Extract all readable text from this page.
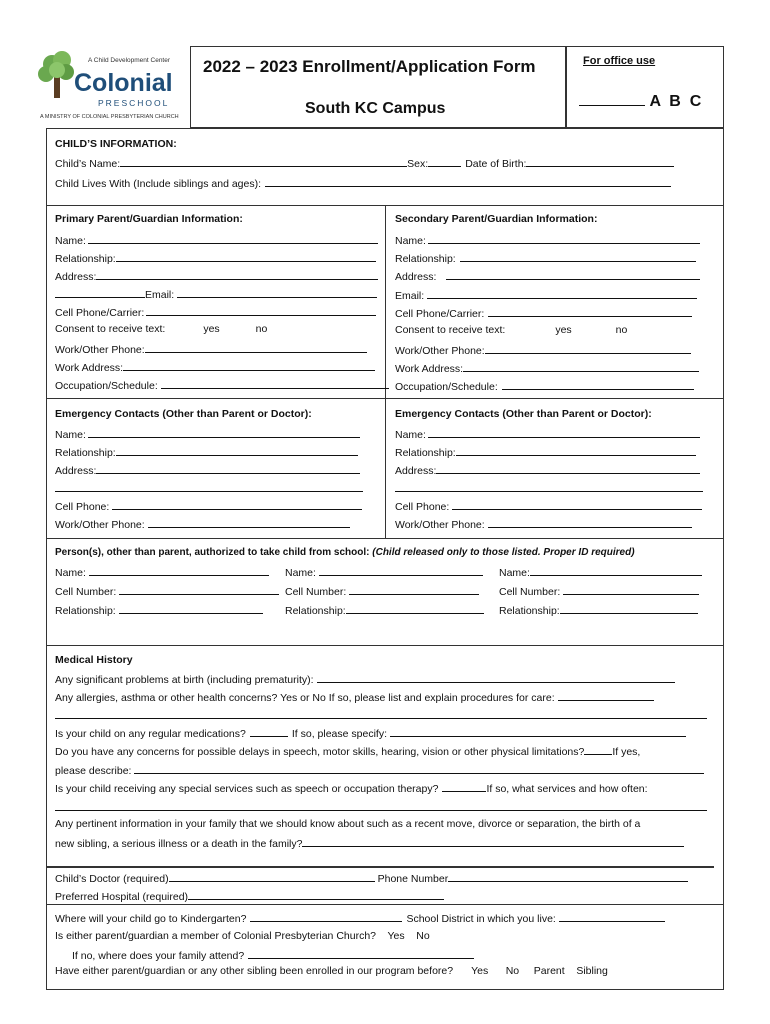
A Child Development Center
Colonial
PRESCHOOL
A MINISTRY OF COLONIAL PRESBYTERIAN CHURCH
2022 – 2023 Enrollment/Application Form
South KC Campus
For office use
A  B  C
CHILD’S INFORMATION:
Child’s Name:	Sex:	Date of Birth:
Child Lives With (Include siblings and ages):
Primary Parent/Guardian Information:
Name:
Relationship:
Address:
Email:
Cell Phone/Carrier:
Consent to receive text:	yes	no
Work/Other Phone:
Work Address:
Occupation/Schedule:
Secondary Parent/Guardian Information:
Name:
Relationship:
Address:
Email:
Cell Phone/Carrier:
Consent to receive text:	yes	no
Work/Other Phone:
Work Address:
Occupation/Schedule:
Emergency Contacts (Other than Parent or Doctor):
Name:
Relationship:
Address:
Cell Phone:
Work/Other Phone:
Emergency Contacts (Other than Parent or Doctor):
Name:
Relationship:
Address:
Cell Phone:
Work/Other Phone:
Person(s), other than parent, authorized to take child from school: (Child released only to those listed. Proper ID required)
Name:
Cell Number:
Relationship:
Name:
Cell Number:
Relationship:
Name:
Cell Number:
Relationship:
Medical History
Any significant problems at birth (including prematurity):
Any allergies, asthma or other health concerns? Yes or No If so, please list and explain procedures for care:
Is your child on any regular medications?	If so, please specify:
Do you have any concerns for possible delays in speech, motor skills, hearing, vision or other physical limitations?	If yes,
please describe:
Is your child receiving any special services such as speech or occupation therapy?	If so, what services and how often:
Any pertinent information in your family that we should know about such as a recent move, divorce or separation, the birth of a
new sibling, a serious illness or a death in the family?
Child’s Doctor (required)	Phone Number
Preferred Hospital (required)
Where will your child go to Kindergarten?	School District in which you live:
Is either parent/guardian a member of Colonial Presbyterian Church?    Yes    No
If no, where does your family attend?
Have either parent/guardian or any other sibling been enrolled in our program before? Yes      No     Parent    Sibling
